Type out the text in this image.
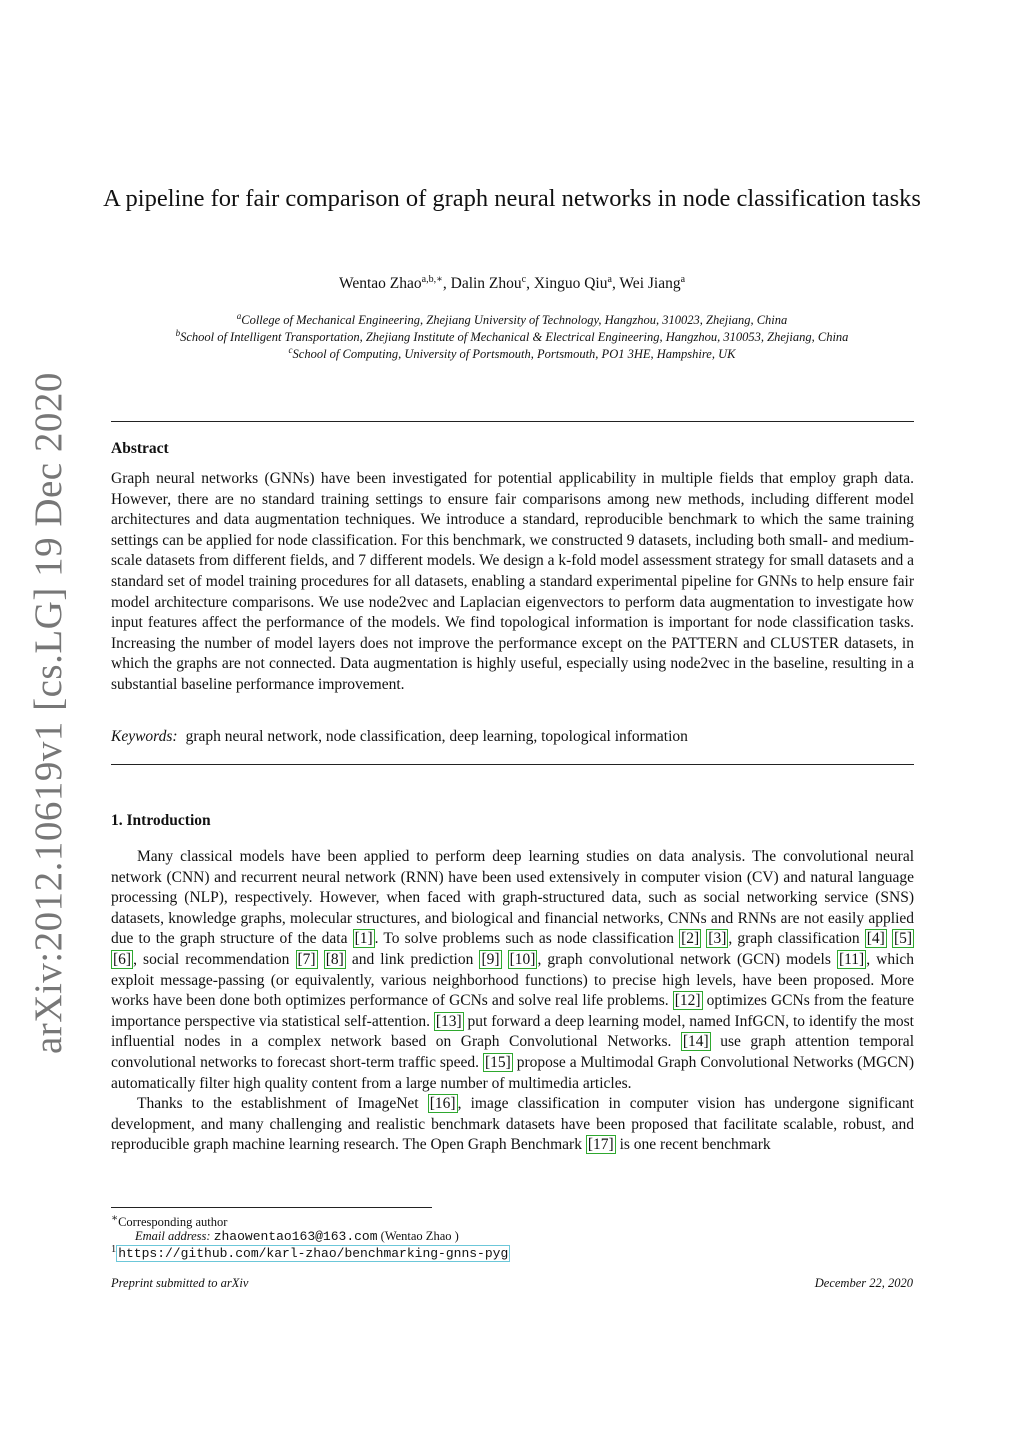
arXiv:2012.10619v1 [cs.LG] 19 Dec 2020
A pipeline for fair comparison of graph neural networks in node classification tasks
Wentao Zhao$^{a,b,∗}$, Dalin Zhou$^c$, Xinguo Qiu$^a$, Wei Jiang$^a$
$^a$College of Mechanical Engineering, Zhejiang University of Technology, Hangzhou, 310023, Zhejiang, China
$^b$School of Intelligent Transportation, Zhejiang Institute of Mechanical & Electrical Engineering, Hangzhou, 310053, Zhejiang, China
$^c$School of Computing, University of Portsmouth, Portsmouth, PO1 3HE, Hampshire, UK
Abstract

Graph neural networks (GNNs) have been investigated for potential applicability in multiple fields that employ graph data. However, there are no standard training settings to ensure fair comparisons among new methods, including different model architectures and data augmentation techniques. We introduce a standard, reproducible benchmark to which the same training settings can be applied for node classification. For this benchmark, we constructed 9 datasets, including both small- and medium-scale datasets from different fields, and 7 different models. We design a k-fold model assessment strategy for small datasets and a standard set of model training procedures for all datasets, enabling a standard experimental pipeline for GNNs to help ensure fair model architecture comparisons. We use node2vec and Laplacian eigenvectors to perform data augmentation to investigate how input features affect the performance of the models. We find topological information is important for node classification tasks. Increasing the number of model layers does not improve the performance except on the PATTERN and CLUSTER datasets, in which the graphs are not connected. Data augmentation is highly useful, especially using node2vec in the baseline, resulting in a substantial baseline performance improvement.

Keywords: graph neural network, node classification, deep learning, topological information
1. Introduction

Many classical models have been applied to perform deep learning studies on data analysis. The convolutional neural network (CNN) and recurrent neural network (RNN) have been used extensively in computer vision (CV) and natural language processing (NLP), respectively. However, when faced with graph-structured data, such as social networking service (SNS) datasets, knowledge graphs, molecular structures, and biological and financial networks, CNNs and RNNs are not easily applied due to the graph structure of the data [1] . To solve problems such as node classification [2] [3] , graph classification [4] [5] [6] , social recommendation [7] [8] and link prediction [9] [10] , graph convolutional network (GCN) models [11] , which exploit message-passing (or equivalently, various neighborhood functions) to precise high levels, have been proposed. More works have been done both optimizes performance of GCNs and solve real life problems. [12] optimizes GCNs from the feature importance perspective via statistical self-attention. [13] put forward a deep learning model, named InfGCN, to identify the most influential nodes in a complex network based on Graph Convolutional Networks. [14] use graph attention temporal convolutional networks to forecast short-term traffic speed. [15] propose a Multimodal Graph Convolutional Networks (MGCN) automatically filter high quality content from a large number of multimedia articles.

Thanks to the establishment of ImageNet [16] , image classification in computer vision has undergone significant development, and many challenging and realistic benchmark datasets have been proposed that facilitate scalable, robust, and reproducible graph machine learning research. The Open Graph Benchmark [17] is one recent benchmark

∗Corresponding author
Email address: zhaowentao163@163.com (Wentao Zhao )
$^1$ https://github.com/karl-zhao/benchmarking-gnns-pyg
Preprint submitted to arXiv	December 22, 2020
